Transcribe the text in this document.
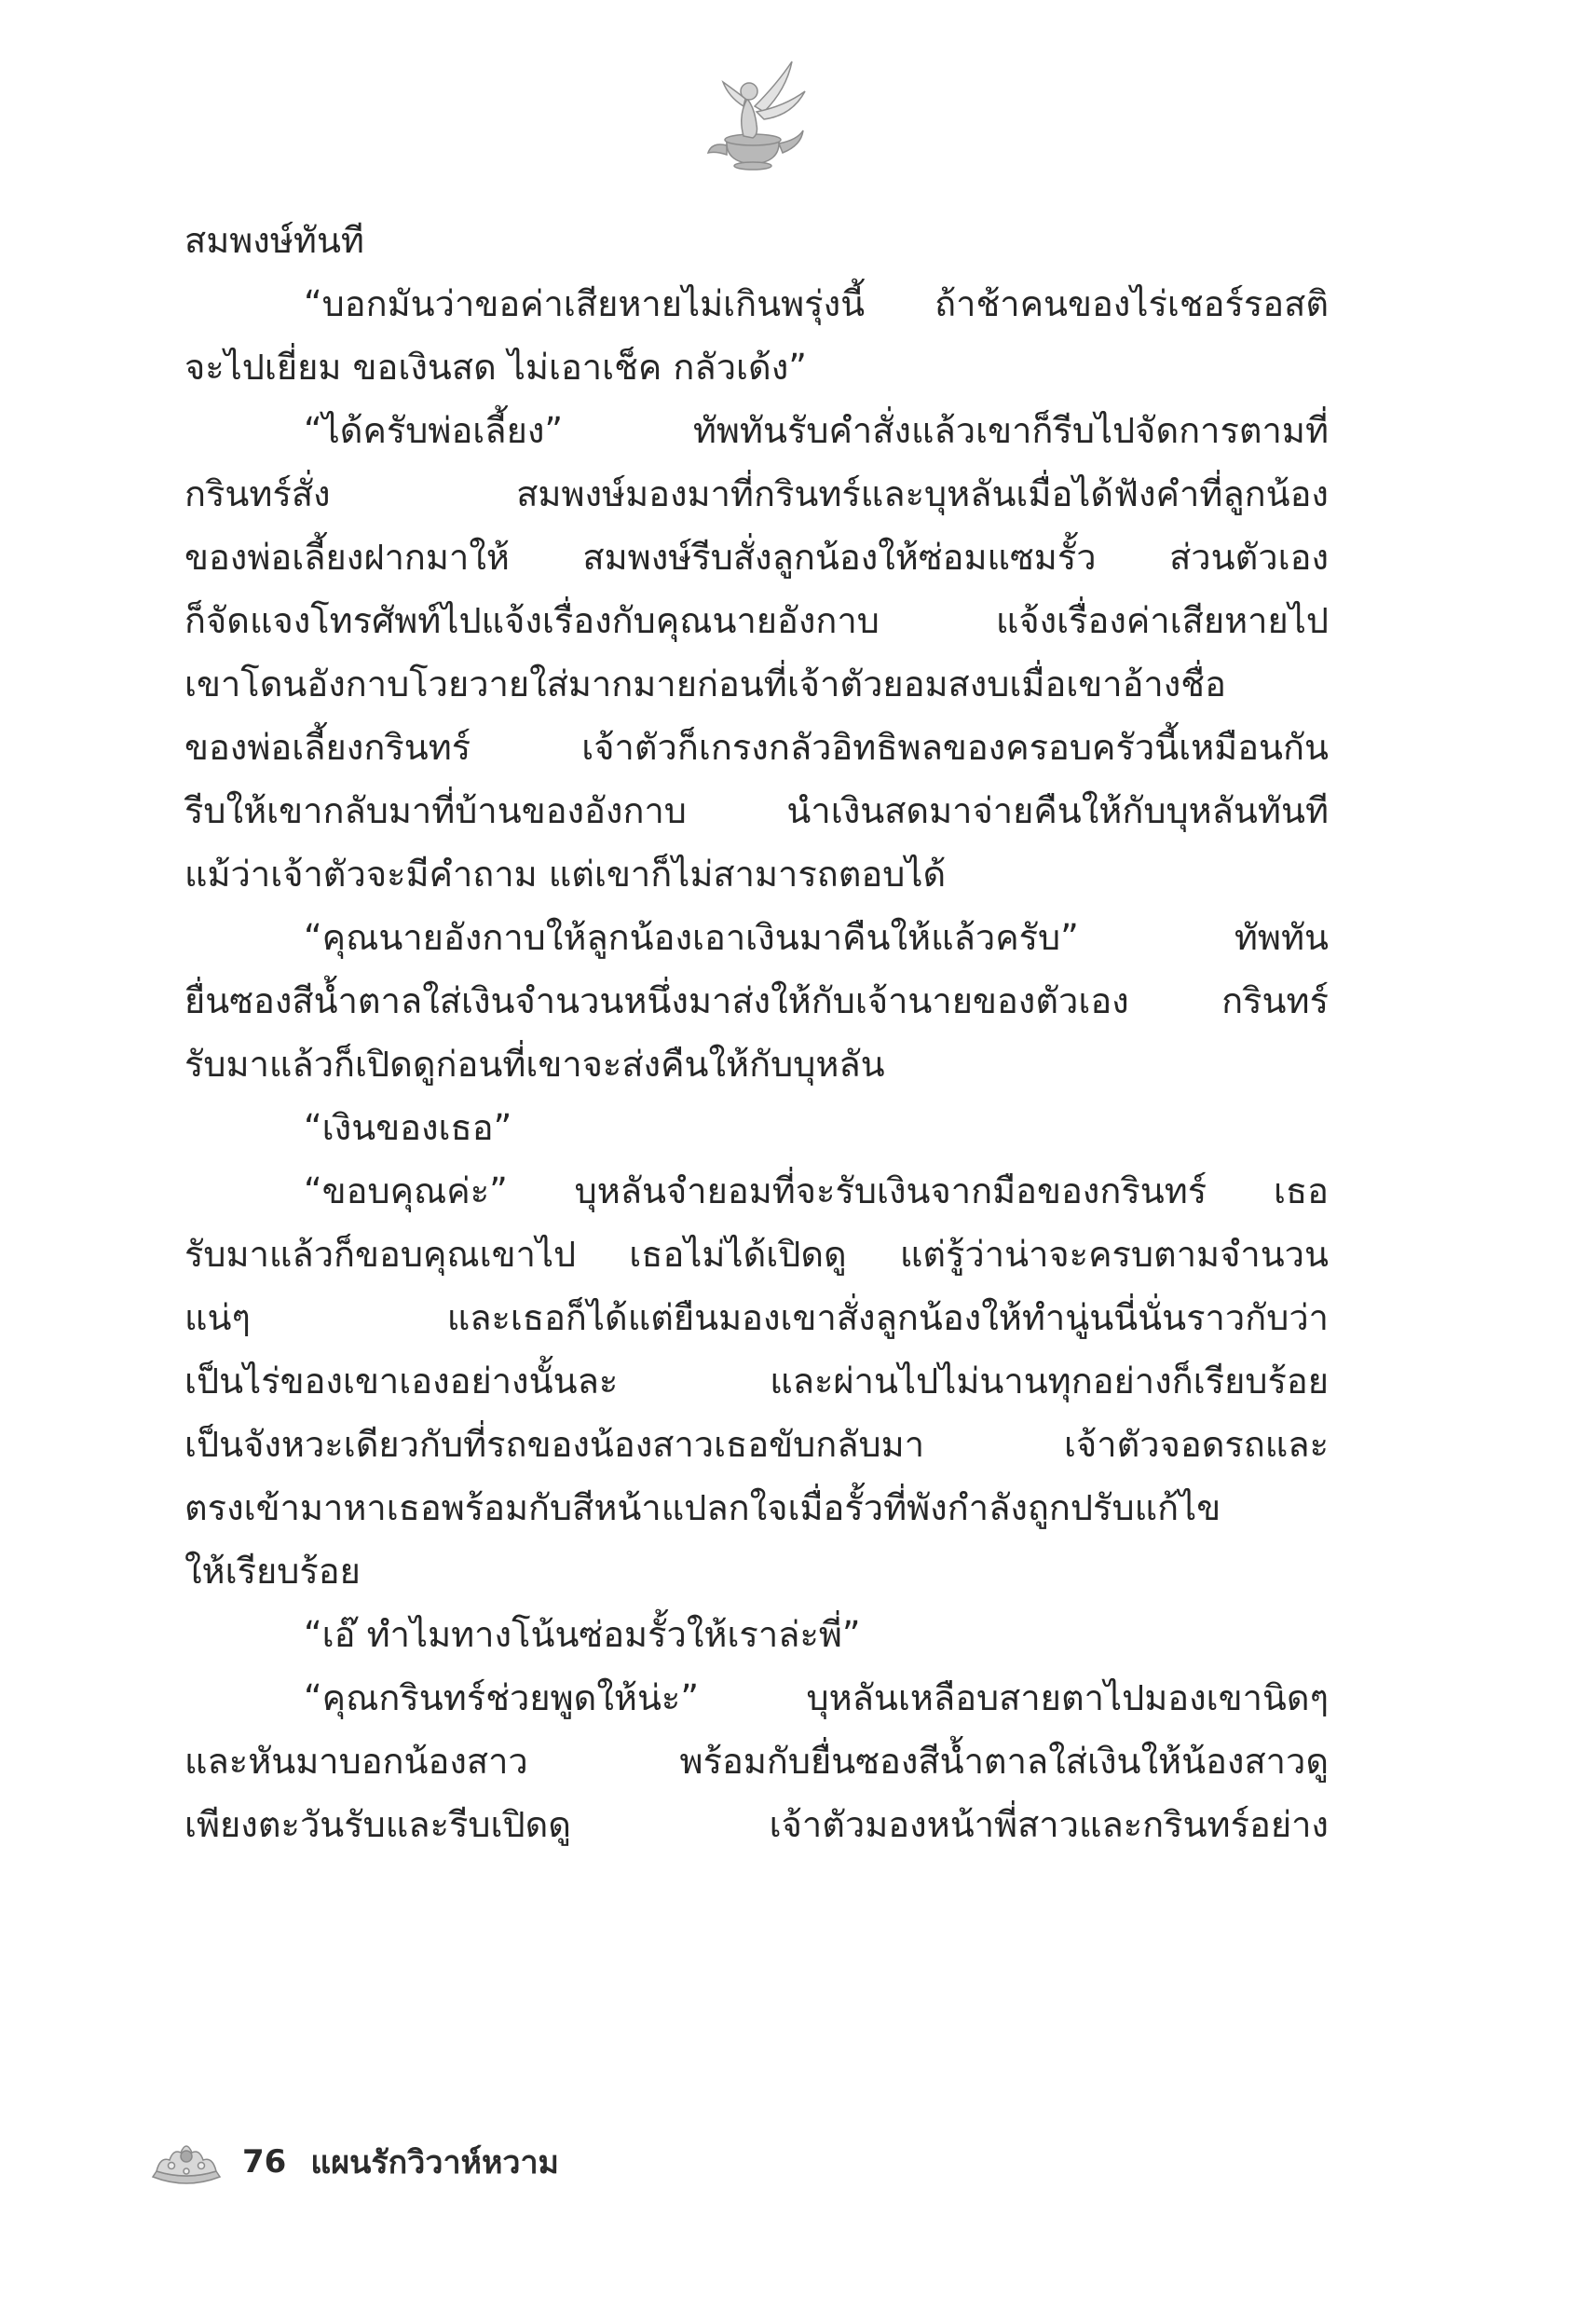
สมพงษ์ทันที
“บอกมันว่าขอค่าเสียหายไม่เกินพรุ่งนี้ ถ้าช้าคนของไร่เชอร์รอสติ
จะไปเยี่ยม ขอเงินสด ไม่เอาเช็ค กลัวเด้ง”
“ได้ครับพ่อเลี้ยง” ทัพทันรับคำสั่งแล้วเขาก็รีบไปจัดการตามที่
กรินทร์สั่ง สมพงษ์มองมาที่กรินทร์และบุหลันเมื่อได้ฟังคำที่ลูกน้อง
ของพ่อเลี้ยงฝากมาให้ สมพงษ์รีบสั่งลูกน้องให้ซ่อมแซมรั้ว ส่วนตัวเอง
ก็จัดแจงโทรศัพท์ไปแจ้งเรื่องกับคุณนายอังกาบ แจ้งเรื่องค่าเสียหายไป
เขาโดนอังกาบโวยวายใส่มากมายก่อนที่เจ้าตัวยอมสงบเมื่อเขาอ้างชื่อ
ของพ่อเลี้ยงกรินทร์ เจ้าตัวก็เกรงกลัวอิทธิพลของครอบครัวนี้เหมือนกัน
รีบให้เขากลับมาที่บ้านของอังกาบ นำเงินสดมาจ่ายคืนให้กับบุหลันทันที
แม้ว่าเจ้าตัวจะมีคำถาม แต่เขาก็ไม่สามารถตอบได้
“คุณนายอังกาบให้ลูกน้องเอาเงินมาคืนให้แล้วครับ” ทัพทัน
ยื่นซองสีน้ำตาลใส่เงินจำนวนหนึ่งมาส่งให้กับเจ้านายของตัวเอง กรินทร์
รับมาแล้วก็เปิดดูก่อนที่เขาจะส่งคืนให้กับบุหลัน
“เงินของเธอ”
“ขอบคุณค่ะ” บุหลันจำยอมที่จะรับเงินจากมือของกรินทร์ เธอ
รับมาแล้วก็ขอบคุณเขาไป เธอไม่ได้เปิดดู แต่รู้ว่าน่าจะครบตามจำนวน
แน่ๆ และเธอก็ได้แต่ยืนมองเขาสั่งลูกน้องให้ทำนู่นนี่นั่นราวกับว่า
เป็นไร่ของเขาเองอย่างนั้นละ และผ่านไปไม่นานทุกอย่างก็เรียบร้อย
เป็นจังหวะเดียวกับที่รถของน้องสาวเธอขับกลับมา เจ้าตัวจอดรถและ
ตรงเข้ามาหาเธอพร้อมกับสีหน้าแปลกใจเมื่อรั้วที่พังกำลังถูกปรับแก้ไข
ให้เรียบร้อย
“เอ๊ ทำไมทางโน้นซ่อมรั้วให้เราล่ะพี่”
“คุณกรินทร์ช่วยพูดให้น่ะ” บุหลันเหลือบสายตาไปมองเขานิดๆ
และหันมาบอกน้องสาว พร้อมกับยื่นซองสีน้ำตาลใส่เงินให้น้องสาวดู
เพียงตะวันรับและรีบเปิดดู เจ้าตัวมองหน้าพี่สาวและกรินทร์อย่าง
76 แผนรักวิวาห์หวาม
